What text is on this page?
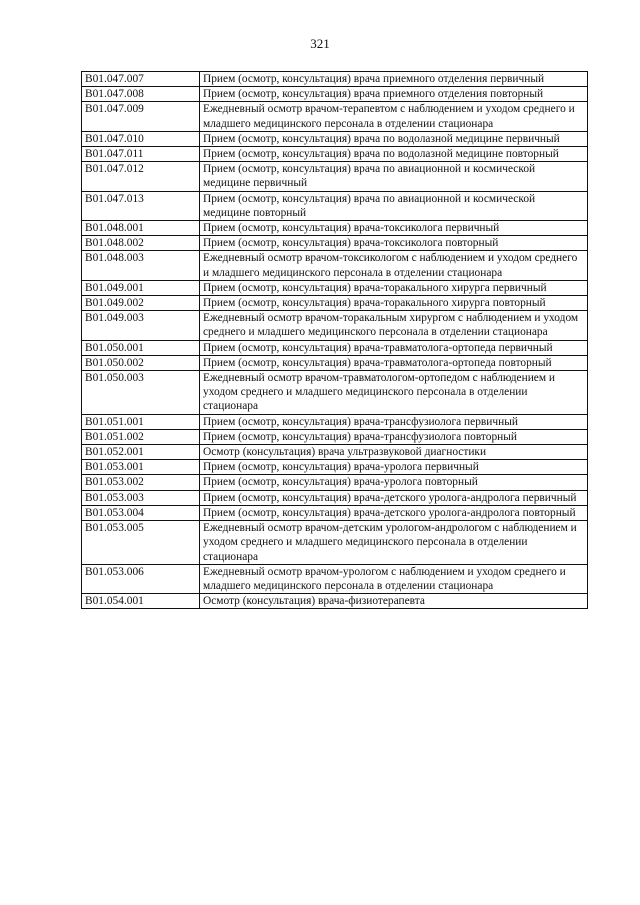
321
B01.047.007	Прием (осмотр, консультация) врача приемного отделения первичный
B01.047.008	Прием (осмотр, консультация) врача приемного отделения повторный
B01.047.009	Ежедневный осмотр врачом-терапевтом с наблюдением и уходом среднего и младшего медицинского персонала в отделении стационара
B01.047.010	Прием (осмотр, консультация) врача по водолазной медицине первичный
B01.047.011	Прием (осмотр, консультация) врача по водолазной медицине повторный
B01.047.012	Прием (осмотр, консультация) врача по авиационной и космической медицине первичный
B01.047.013	Прием (осмотр, консультация) врача по авиационной и космической медицине повторный
B01.048.001	Прием (осмотр, консультация) врача-токсиколога первичный
B01.048.002	Прием (осмотр, консультация) врача-токсиколога повторный
B01.048.003	Ежедневный осмотр врачом-токсикологом с наблюдением и уходом среднего и младшего медицинского персонала в отделении стационара
B01.049.001	Прием (осмотр, консультация) врача-торакального хирурга первичный
B01.049.002	Прием (осмотр, консультация) врача-торакального хирурга повторный
B01.049.003	Ежедневный осмотр врачом-торакальным хирургом с наблюдением и уходом среднего и младшего медицинского персонала в отделении стационара
B01.050.001	Прием (осмотр, консультация) врача-травматолога-ортопеда первичный
B01.050.002	Прием (осмотр, консультация) врача-травматолога-ортопеда повторный
B01.050.003	Ежедневный осмотр врачом-травматологом-ортопедом с наблюдением и уходом среднего и младшего медицинского персонала в отделении стационара
B01.051.001	Прием (осмотр, консультация) врача-трансфузиолога первичный
B01.051.002	Прием (осмотр, консультация) врача-трансфузиолога повторный
B01.052.001	Осмотр (консультация) врача ультразвуковой диагностики
B01.053.001	Прием (осмотр, консультация) врача-уролога первичный
B01.053.002	Прием (осмотр, консультация) врача-уролога повторный
B01.053.003	Прием (осмотр, консультация) врача-детского уролога-андролога первичный
B01.053.004	Прием (осмотр, консультация) врача-детского уролога-андролога повторный
B01.053.005	Ежедневный осмотр врачом-детским урологом-андрологом с наблюдением и уходом среднего и младшего медицинского персонала в отделении стационара
B01.053.006	Ежедневный осмотр врачом-урологом с наблюдением и уходом среднего и младшего медицинского персонала в отделении стационара
B01.054.001	Осмотр (консультация) врача-физиотерапевта
